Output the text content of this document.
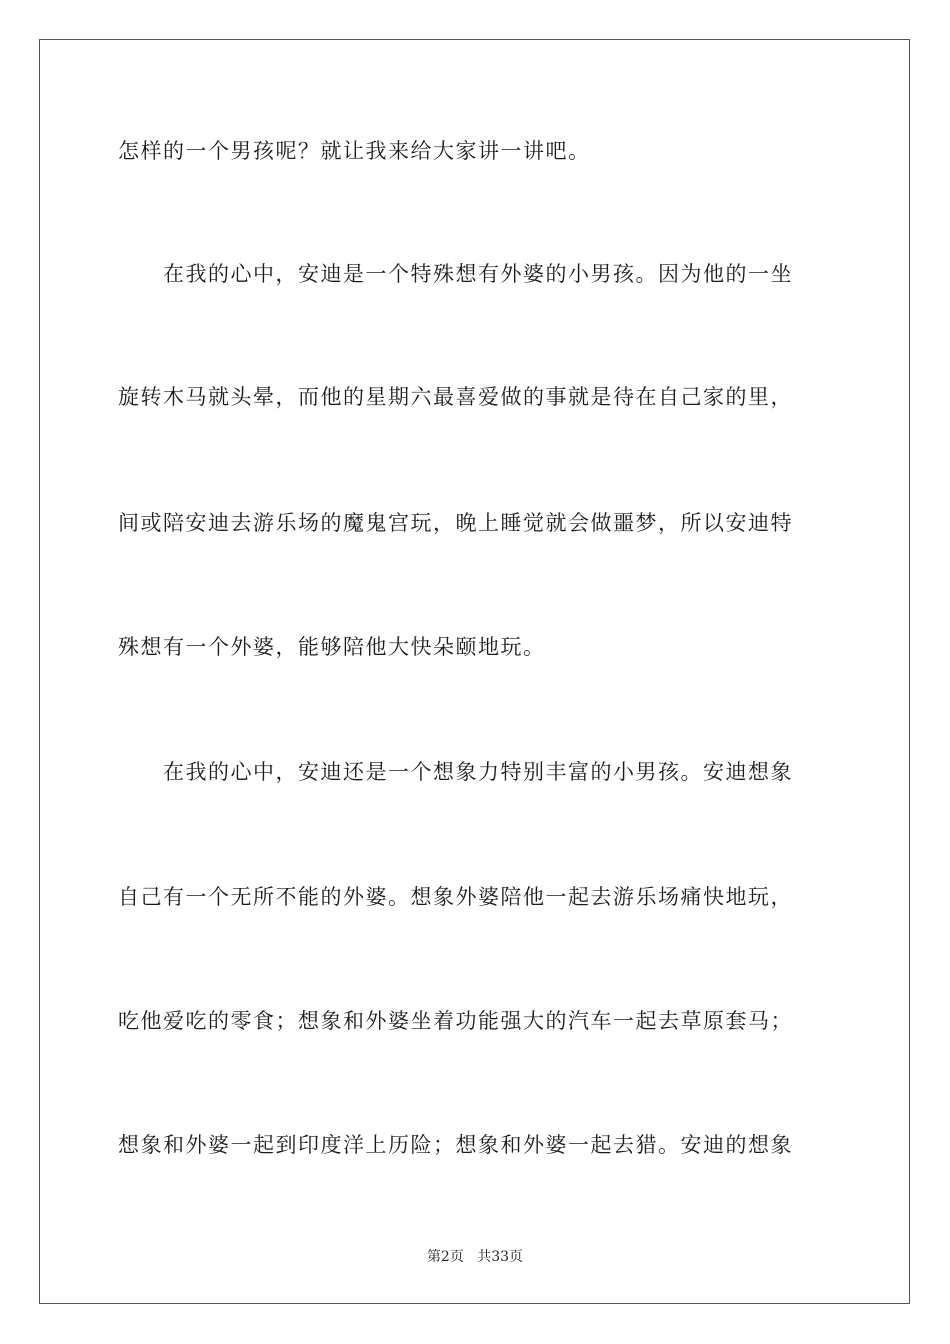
怎样的一个男孩呢？就让我来给大家讲一讲吧。
　　在我的心中，安迪是一个特殊想有外婆的小男孩。因为他的一坐
旋转木马就头晕，而他的星期六最喜爱做的事就是待在自己家的里，
间或陪安迪去游乐场的魔鬼宫玩，晚上睡觉就会做噩梦，所以安迪特
殊想有一个外婆，能够陪他大快朵颐地玩。
　　在我的心中，安迪还是一个想象力特别丰富的小男孩。安迪想象
自己有一个无所不能的外婆。想象外婆陪他一起去游乐场痛快地玩，
吃他爱吃的零食；想象和外婆坐着功能强大的汽车一起去草原套马；
想象和外婆一起到印度洋上历险；想象和外婆一起去猎。安迪的想象
第2页 共33页
